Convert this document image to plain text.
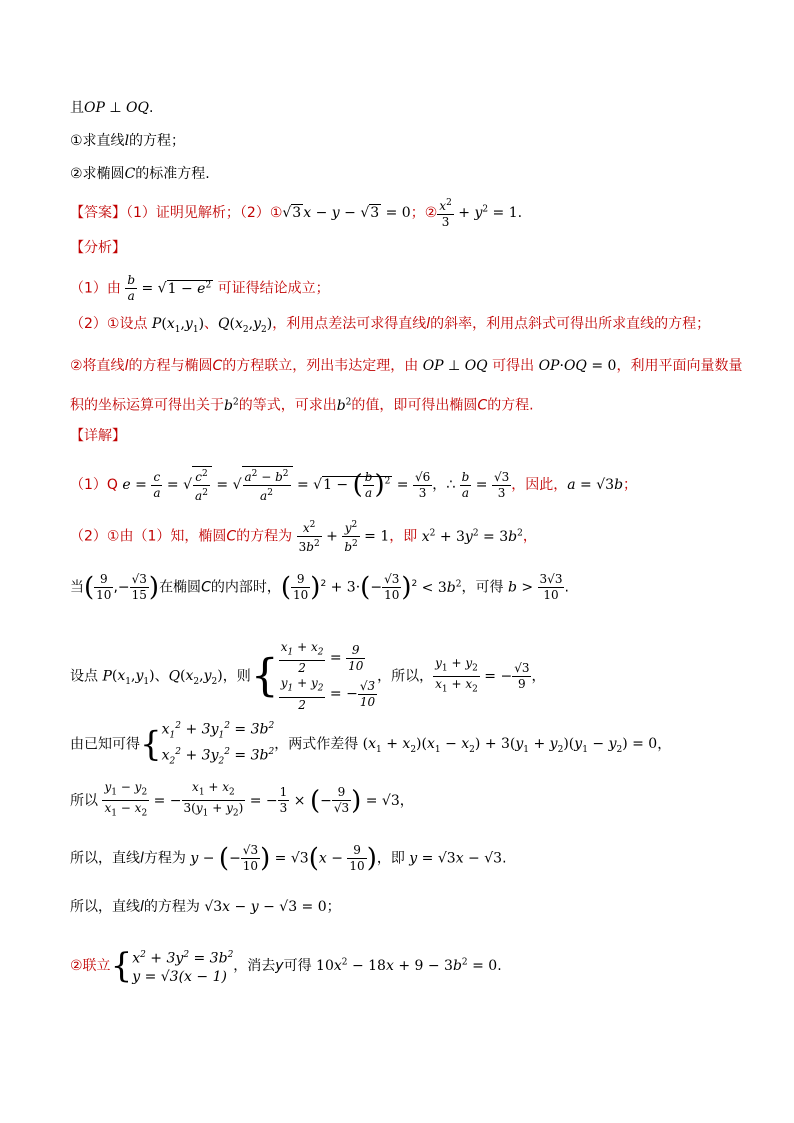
且OP ⊥ OQ.
①求直线l的方程；
②求椭圆C的标准方程.
【答案】（1）证明见解析；（2）①√3 x − y − √3 = 0；② $\frac{x^2}{3} + y^2 = 1$.
【分析】
（1）由 $\frac{b}{a} = √1 - e^2$ 可证得结论成立；
（2）①设点 $P(x_1,y_1)$、$Q(x_2,y_2)$，利用点差法可求得直线l的斜率，利用点斜式可得出所求直线的方程；
②将直线l的方程与椭圆C的方程联立，列出韦达定理，由 OP ⊥ OQ 可得出 OP·OQ = 0，利用平面向量数量
积的坐标运算可得出关于$b^2$的等式，可求出$b^2$的值，即可得出椭圆C的方程.
【详解】
（1）Q $e = \frac{c}{a}$ = √ $\frac{c^2}{a^2}$ = √ $\frac{a^2 - b^2}{a^2} = √1$ − ( $\frac{b}{a} )^2 = \frac{√6}{3}$ ，∴ $\frac{b}{a} = \frac{√3}{3}$ ，因此，a = √3b；
（2）①由（1）知，椭圆C的方程为 $\frac{x^2}{3b^2} + \frac{y^2}{b^2} = 1$，即 $x^2 + 3y^2 = 3b^2$，
当( $\frac{9}{10}$ ,− $\frac{√3}{15}$ )在椭圆C的内部时，( $\frac{9}{10} )^2 + 3\cdot(- \frac{√3}{10} )^2 < 3b^2$，可得 $b > \frac{3√3}{10}$ .
设点 $P(x_1,y_1)$、$Q(x_2,y_2)$，则{ $\frac{x_1 + x_2}{2} = \frac{9}{10}$
$\frac{y_1 + y_2}{2}$ = − $\frac{√3}{10}$
，所以， $\frac{y_1 + y_2}{x_1 + x_2}$ = − $\frac{√3}{9}$ ，
由已知可得{ $x_1^2 + 3y_1^2 = 3b^2$
$x_2^2 + 3y_2^2 = 3b^2$ ，两式作差得 $(x_1 + x_2)(x_1 - x_2) + 3(y_1 + y_2)(y_1 - y_2) = 0$，
所以 $\frac{y_1 - y_2}{x_1 - x_2}$ = − $\frac{x_1 + x_2}{3(y_1 + y_2)}$ = − $\frac{1}{3}$ × (− $\frac{9}{√3}$ ) = √3，
所以，直线l方程为 y − (− $\frac{√3}{10}$ ) = $√3(x - \frac{9}{10}$ )，即 y = √3x − √3.
所以，直线l的方程为 √3x − y − √3 = 0；
②联立{ $x^2 + 3y^2 = 3b^2$
y = √3(x − 1)
，消去y可得 $10x^2 - 18x + 9 - 3b^2 = 0$.
